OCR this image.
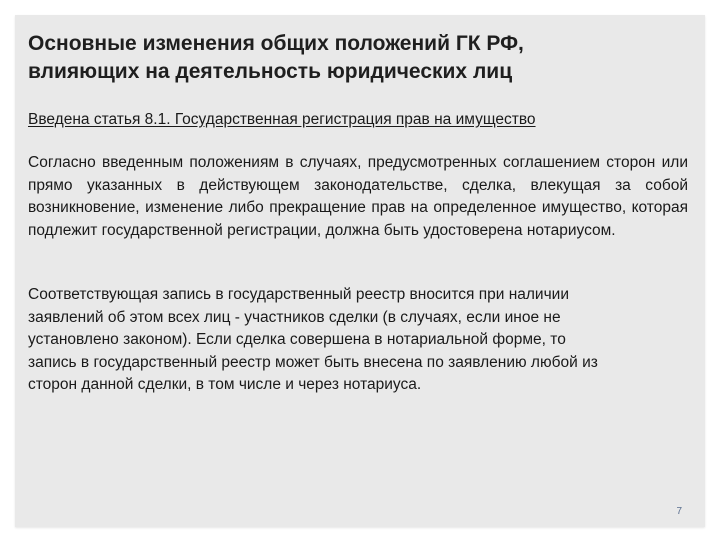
Основные изменения общих положений ГК РФ,
влияющих на деятельность юридических лиц
Введена статья 8.1. Государственная регистрация прав на имущество

Согласно введенным положениям в случаях, предусмотренных соглашением сторон или прямо указанных в действующем законодательстве, сделка, влекущая за собой возникновение, изменение либо прекращение прав на определенное имущество, которая подлежит государственной регистрации, должна быть удостоверена нотариусом.

Соответствующая запись в государственный реестр вносится при наличии
заявлений об этом всех лиц - участников сделки (в случаях, если иное не
установлено законом). Если сделка совершена в нотариальной форме, то
запись в государственный реестр может быть внесена по заявлению любой из
сторон данной сделки, в том числе и через нотариуса.

7
